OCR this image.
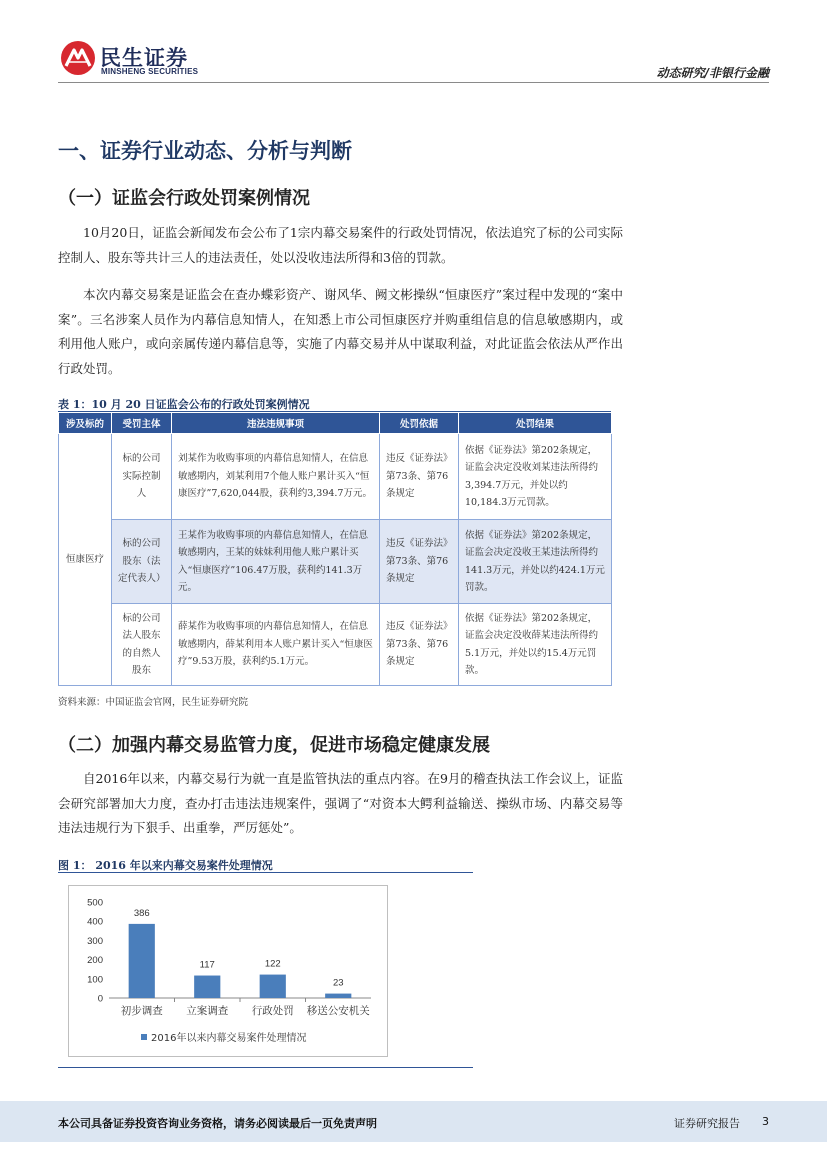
民生证券
MINSHENG SECURITIES	动态研究/非银行金融
一、证券行业动态、分析与判断
（一）证监会行政处罚案例情况

10月20日，证监会新闻发布会公布了1宗内幕交易案件的行政处罚情况，依法追究了标的公司实际控制人、股东等共计三人的违法责任，处以没收违法所得和3倍的罚款。

本次内幕交易案是证监会在查办蝶彩资产、谢风华、阙文彬操纵“恒康医疗”案过程中发现的“案中案”。三名涉案人员作为内幕信息知情人，在知悉上市公司恒康医疗并购重组信息的信息敏感期内，或利用他人账户，或向亲属传递内幕信息等，实施了内幕交易并从中谋取利益，对此证监会依法从严作出行政处罚。

表 1：10 月 20 日证监会公布的行政处罚案例情况
涉及标的	受罚主体	违法违规事项	处罚依据	处罚结果
恒康医疗	标的公司实际控制人	刘某作为收购事项的内幕信息知情人，在信息敏感期内，刘某利用7个他人账户累计买入“恒康医疗”7,620,044股，获利约3,394.7万元。	违反《证券法》第73条、第76条规定	依据《证券法》第202条规定，证监会决定没收刘某违法所得约3,394.7万元，并处以约10,184.3万元罚款。
	标的公司股东（法定代表人）	王某作为收购事项的内幕信息知情人，在信息敏感期内，王某的妹妹利用他人账户累计买入“恒康医疗”106.47万股，获利约141.3万元。	违反《证券法》第73条、第76条规定	依据《证券法》第202条规定，证监会决定没收王某违法所得约141.3万元，并处以约424.1万元罚款。
	标的公司法人股东的自然人股东	薛某作为收购事项的内幕信息知情人，在信息敏感期内，薛某利用本人账户累计买入“恒康医疗”9.53万股，获利约5.1万元。	违反《证券法》第73条、第76条规定	依据《证券法》第202条规定，证监会决定没收薛某违法所得约5.1万元，并处以约15.4万元罚款。
资料来源：中国证监会官网，民生证券研究院
（二）加强内幕交易监管力度，促进市场稳定健康发展

自2016年以来，内幕交易行为就一直是监管执法的重点内容。在9月的稽查执法工作会议上，证监会研究部署加大力度，查办打击违法违规案件，强调了“对资本大鳄利益输送、操纵市场、内幕交易等违法违规行为下狠手、出重拳，严厉惩处”。

图 1： 2016 年以来内幕交易案件处理情况
0
100
200
300
400
500
386
初步调查
117
立案调查
122
行政处罚
23
移送公安机关
2016年以来内幕交易案件处理情况
本公司具备证券投资咨询业务资格，请务必阅读最后一页免责声明	证券研究报告 3
